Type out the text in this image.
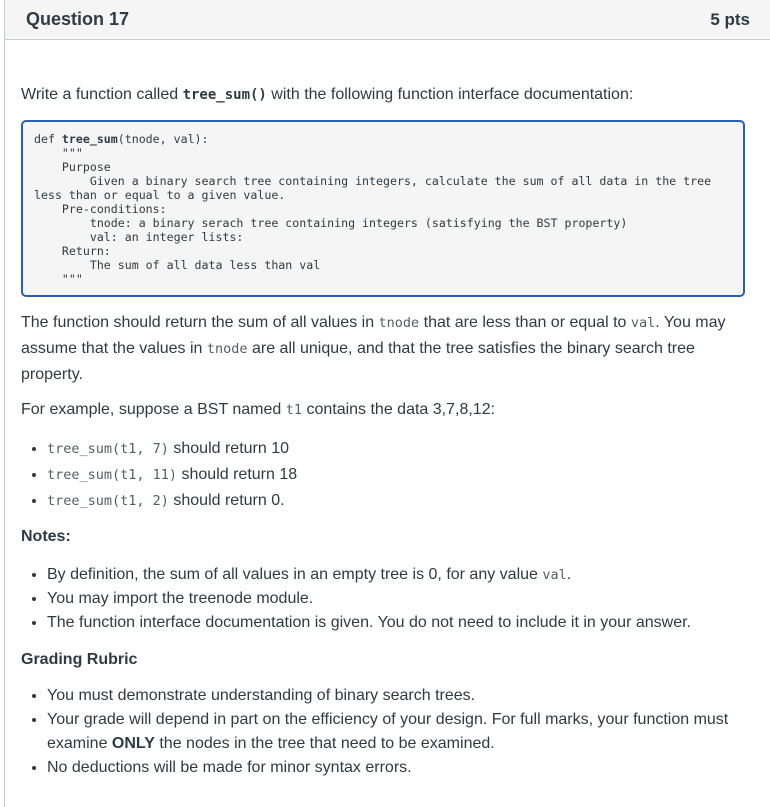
Question 17	5 pts

Write a function called tree_sum() with the following function interface documentation:

def tree_sum(tnode, val):
"""
Purpose
Given a binary search tree containing integers, calculate the sum of all data in the tree
less than or equal to a given value.
Pre-conditions:
tnode: a binary serach tree containing integers (satisfying the BST property)
val: an integer lists:
Return:
The sum of all data less than val
"""

The function should return the sum of all values in tnode that are less than or equal to val. You may assume that the values in tnode are all unique, and that the tree satisfies the binary search tree property.

For example, suppose a BST named t1 contains the data 3,7,8,12:

• tree_sum(t1, 7) should return 10
• tree_sum(t1, 11) should return 18
• tree_sum(t1, 2) should return 0.

Notes:

• By definition, the sum of all values in an empty tree is 0, for any value val.
• You may import the treenode module.
• The function interface documentation is given. You do not need to include it in your answer.

Grading Rubric

• You must demonstrate understanding of binary search trees.
• Your grade will depend in part on the efficiency of your design. For full marks, your function must examine ONLY the nodes in the tree that need to be examined.
• No deductions will be made for minor syntax errors.
